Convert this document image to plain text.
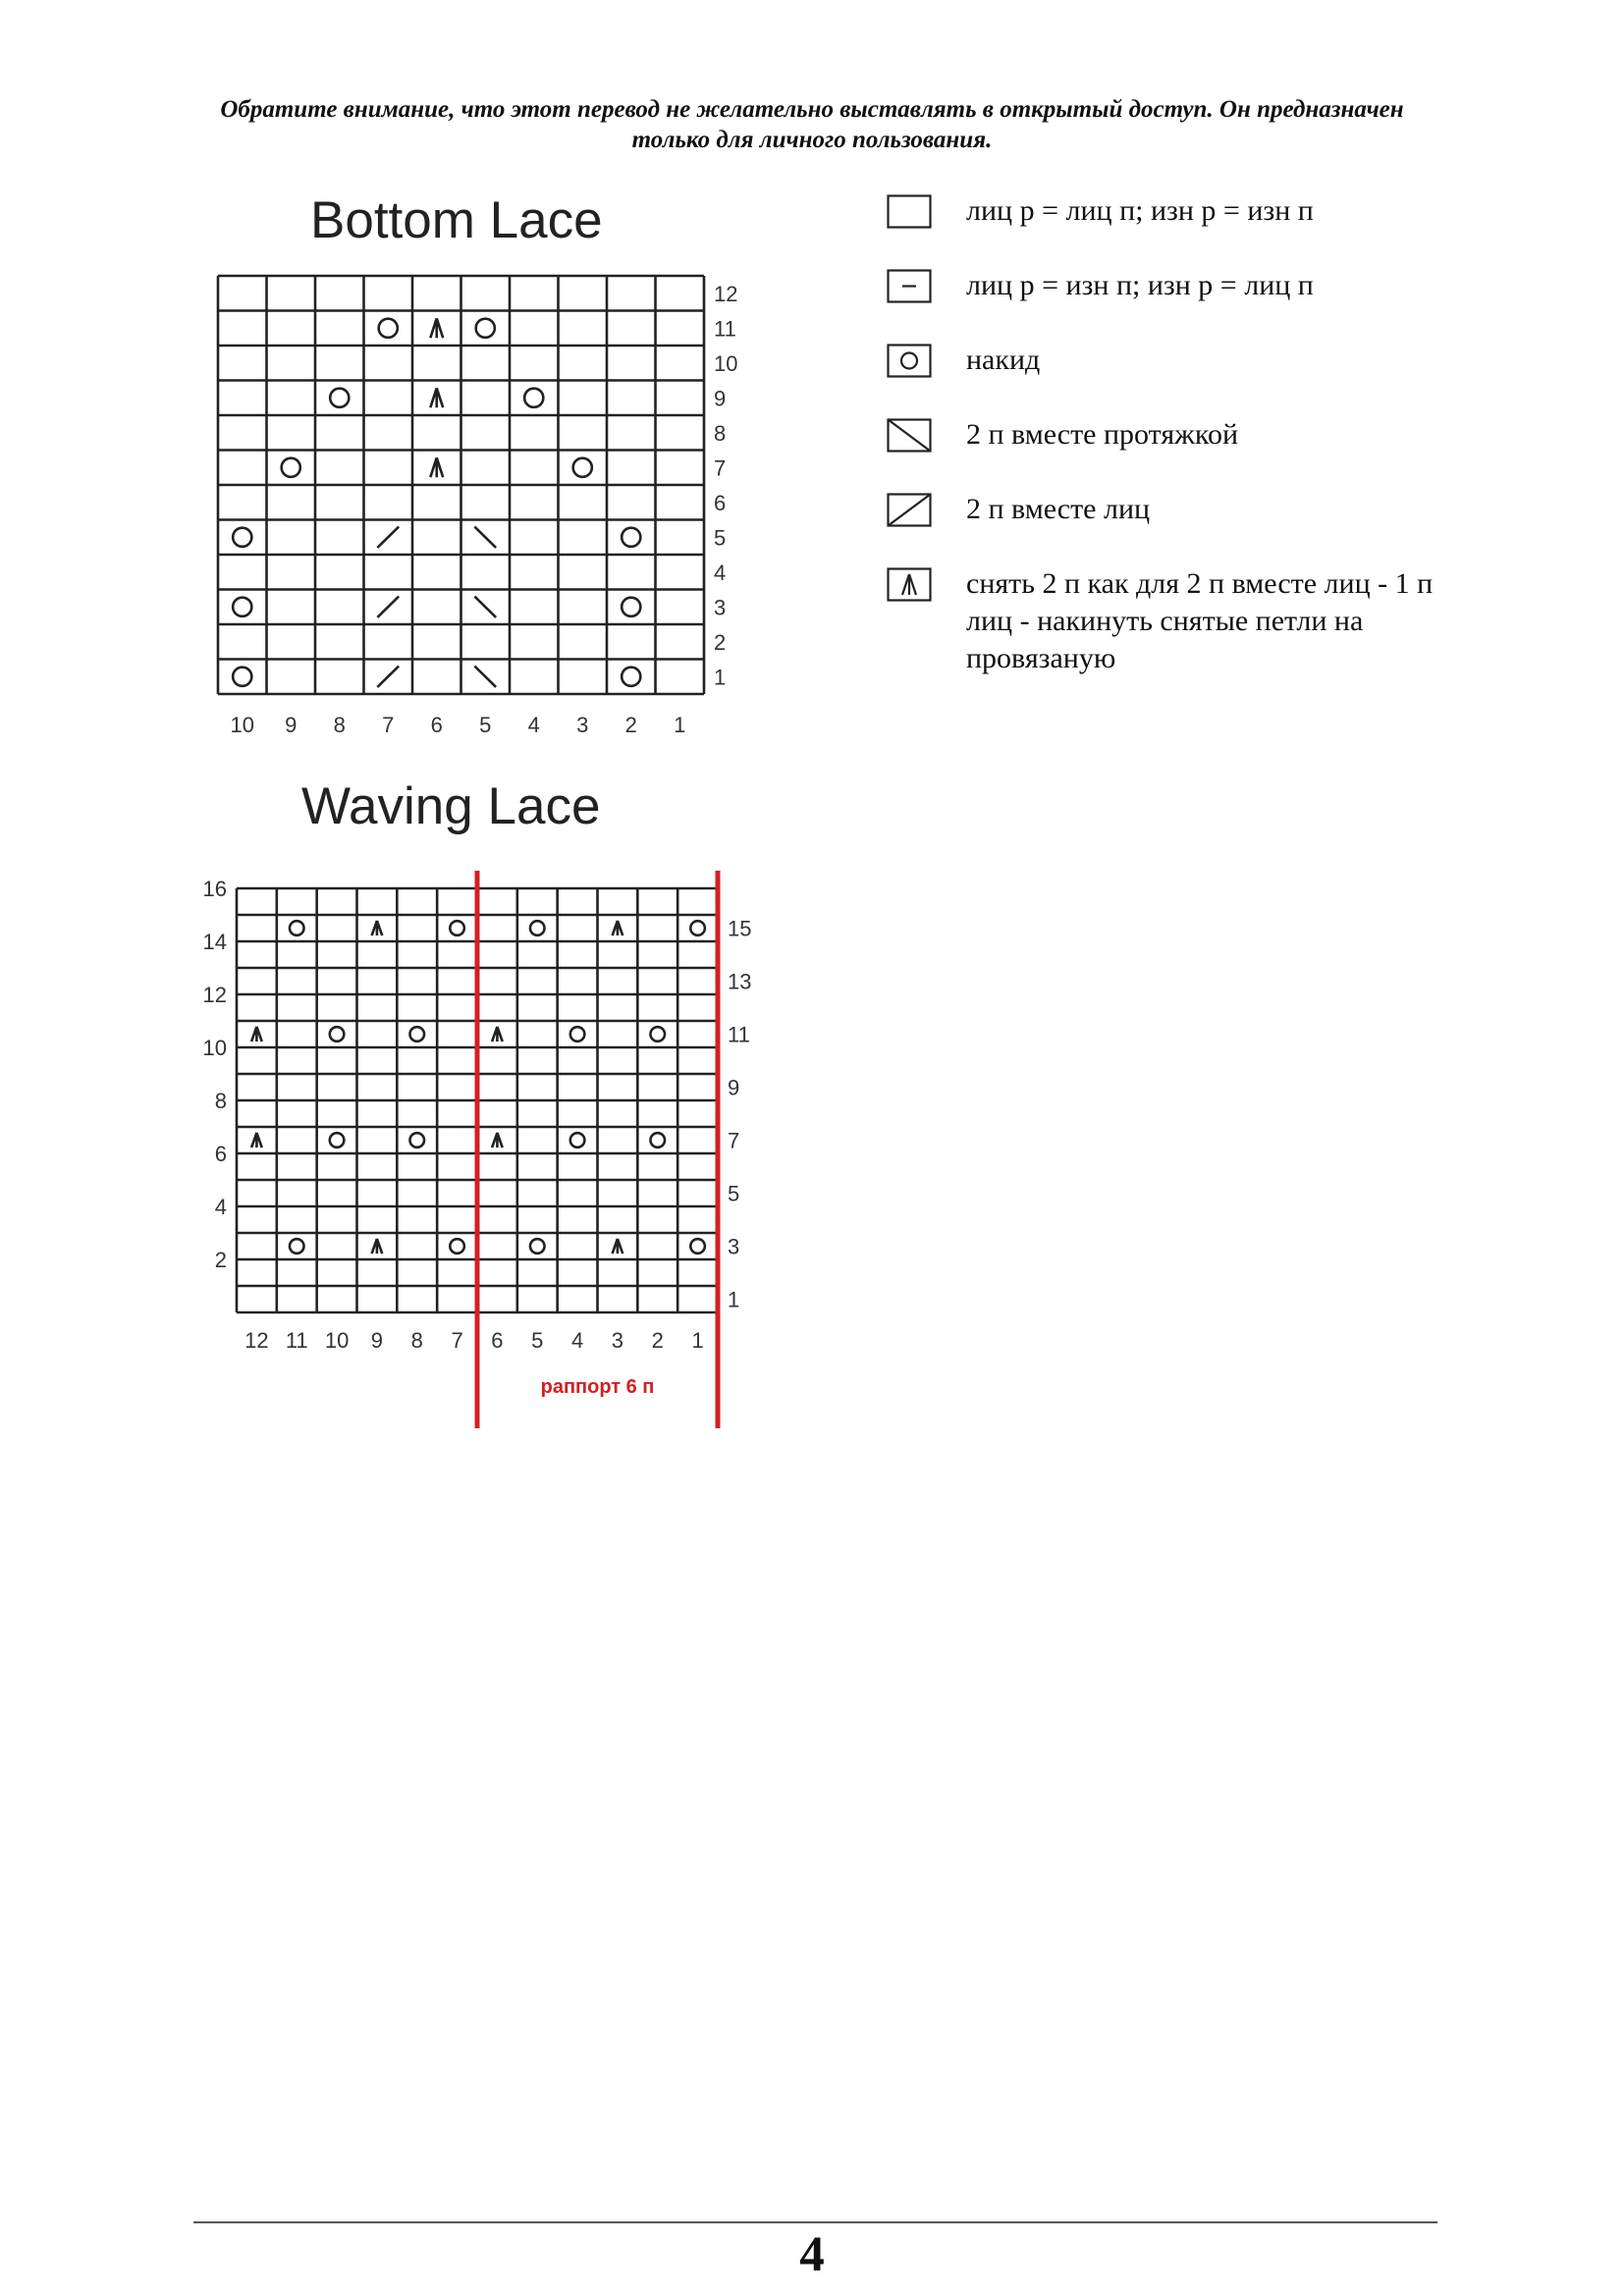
Обратите внимание, что этот перевод не желательно выставлять в открытый доступ. Он предназначен только для личного пользования.
Bottom Lace
Waving Lace
12
11
10
9
8
7
6
5
4
3
2
1
10 9 8 7 6 5 4 3 2 1
16
14
12
10
8
6
4
2
15
13
11
9
7
5
3
1
12 11 10 9 8 7 6 5 4 3 2 1
раппорт 6 п
лиц р = лиц п; изн р = изн п
лиц р = изн п; изн р = лиц п
накид
2 п вместе протяжкой
2 п вместе лиц
снять 2 п как для 2 п вместе лиц - 1 п лиц - накинуть снятые петли на провязаную
4
